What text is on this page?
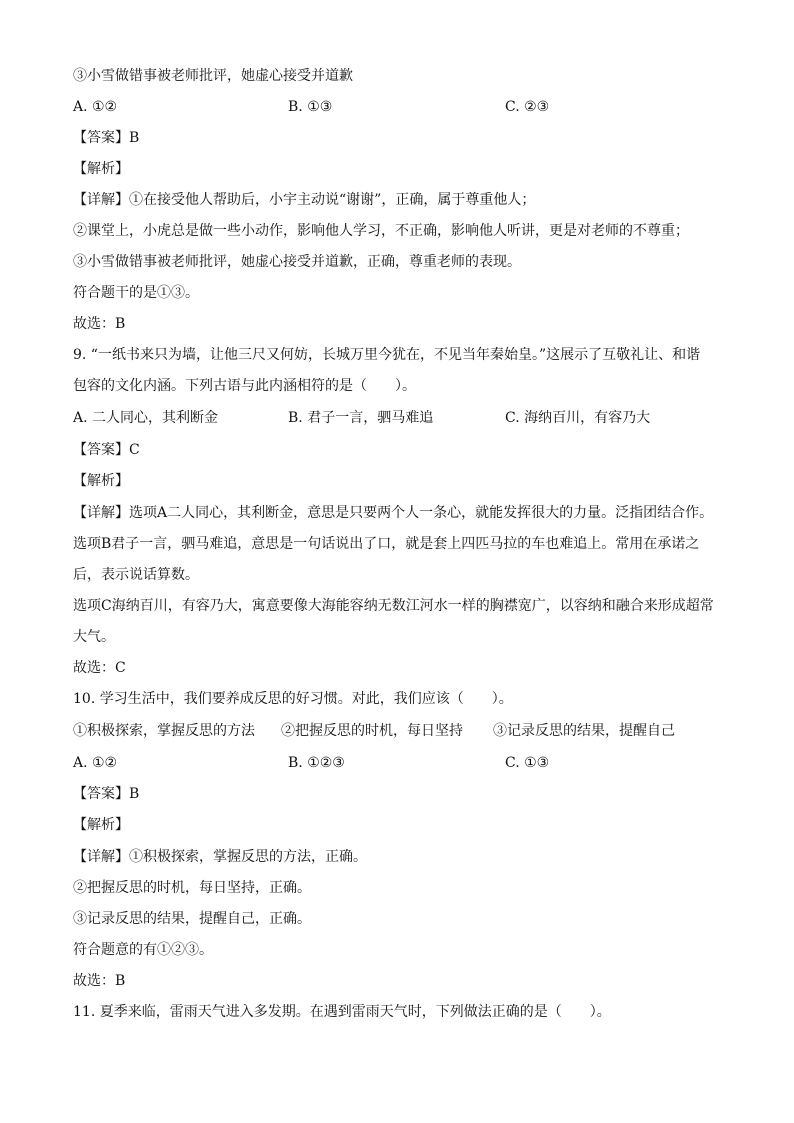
③小雪做错事被老师批评，她虚心接受并道歉
A. ①②	B. ①③	C. ②③
【答案】B
【解析】
【详解】①在接受他人帮助后，小宇主动说“谢谢”，正确，属于尊重他人；
②课堂上，小虎总是做一些小动作，影响他人学习，不正确，影响他人听讲，更是对老师的不尊重；
③小雪做错事被老师批评，她虚心接受并道歉，正确，尊重老师的表现。
符合题干的是①③。
故选：B
9. “一纸书来只为墙，让他三尺又何妨，长城万里今犹在，不见当年秦始皇。”这展示了互敬礼让、和谐
包容的文化内涵。下列古语与此内涵相符的是（　　）。
A. 二人同心，其利断金	B. 君子一言，驷马难追	C. 海纳百川，有容乃大
【答案】C
【解析】
【详解】选项A二人同心，其利断金，意思是只要两个人一条心，就能发挥很大的力量。泛指团结合作。
选项B君子一言，驷马难追，意思是一句话说出了口，就是套上四匹马拉的车也难追上。常用在承诺之
后，表示说话算数。
选项C海纳百川，有容乃大，寓意要像大海能容纳无数江河水一样的胸襟宽广，以容纳和融合来形成超常
大气。
故选：C
10. 学习生活中，我们要养成反思的好习惯。对此，我们应该（　　）。
①积极探索，掌握反思的方法 ②把握反思的时机，每日坚持 ③记录反思的结果，提醒自己
A. ①②	B. ①②③	C. ①③
【答案】B
【解析】
【详解】①积极探索，掌握反思的方法，正确。
②把握反思的时机，每日坚持，正确。
③记录反思的结果，提醒自己，正确。
符合题意的有①②③。
故选：B
11. 夏季来临，雷雨天气进入多发期。在遇到雷雨天气时，下列做法正确的是（　　）。
